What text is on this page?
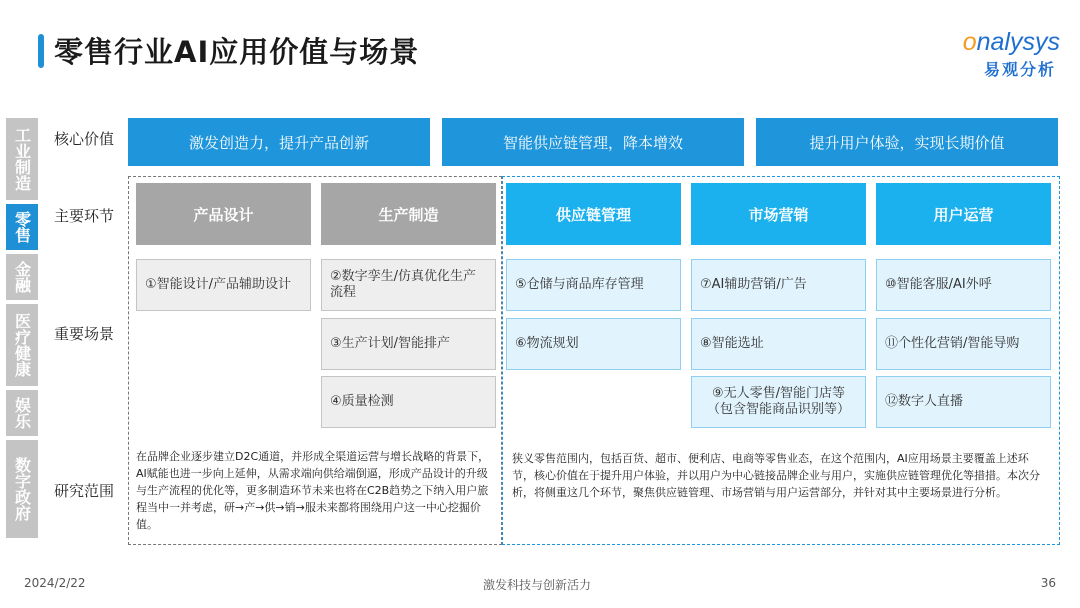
零售行业AI应用价值与场景	onalysys
易观分析
工业制造
零售
金融
医疗健康
娱乐
数字政府
核心价值
主要环节
重要场景
研究范围
激发创造力，提升产品创新	智能供应链管理，降本增效	提升用户体验，实现长期价值
产品设计	生产制造	供应链管理	市场营销	用户运营
①智能设计/产品辅助设计
②数字孪生/仿真优化生产流程
③生产计划/智能排产
④质量检测
⑤仓储与商品库存管理
⑥物流规划
⑦AI辅助营销/广告
⑧智能选址
⑨无人零售/智能门店等（包含智能商品识别等）
⑩智能客服/AI外呼
⑪个性化营销/智能导购
⑫数字人直播
在品牌企业逐步建立D2C通道，并形成全渠道运营与增长战略的背景下，AI赋能也进一步向上延伸，从需求端向供给端倒逼，形成产品设计的升级与生产流程的优化等，更多制造环节未来也将在C2B趋势之下纳入用户旅程当中一并考虑，研→产→供→销→服未来都将围绕用户这一中心挖掘价值。
狭义零售范围内，包括百货、超市、便利店、电商等零售业态，在这个范围内，AI应用场景主要覆盖上述环节，核心价值在于提升用户体验，并以用户为中心链接品牌企业与用户，实施供应链管理优化等措措。本次分析，将侧重这几个环节，聚焦供应链管理、市场营销与用户运营部分，并针对其中主要场景进行分析。
2024/2/22	激发科技与创新活力	36
